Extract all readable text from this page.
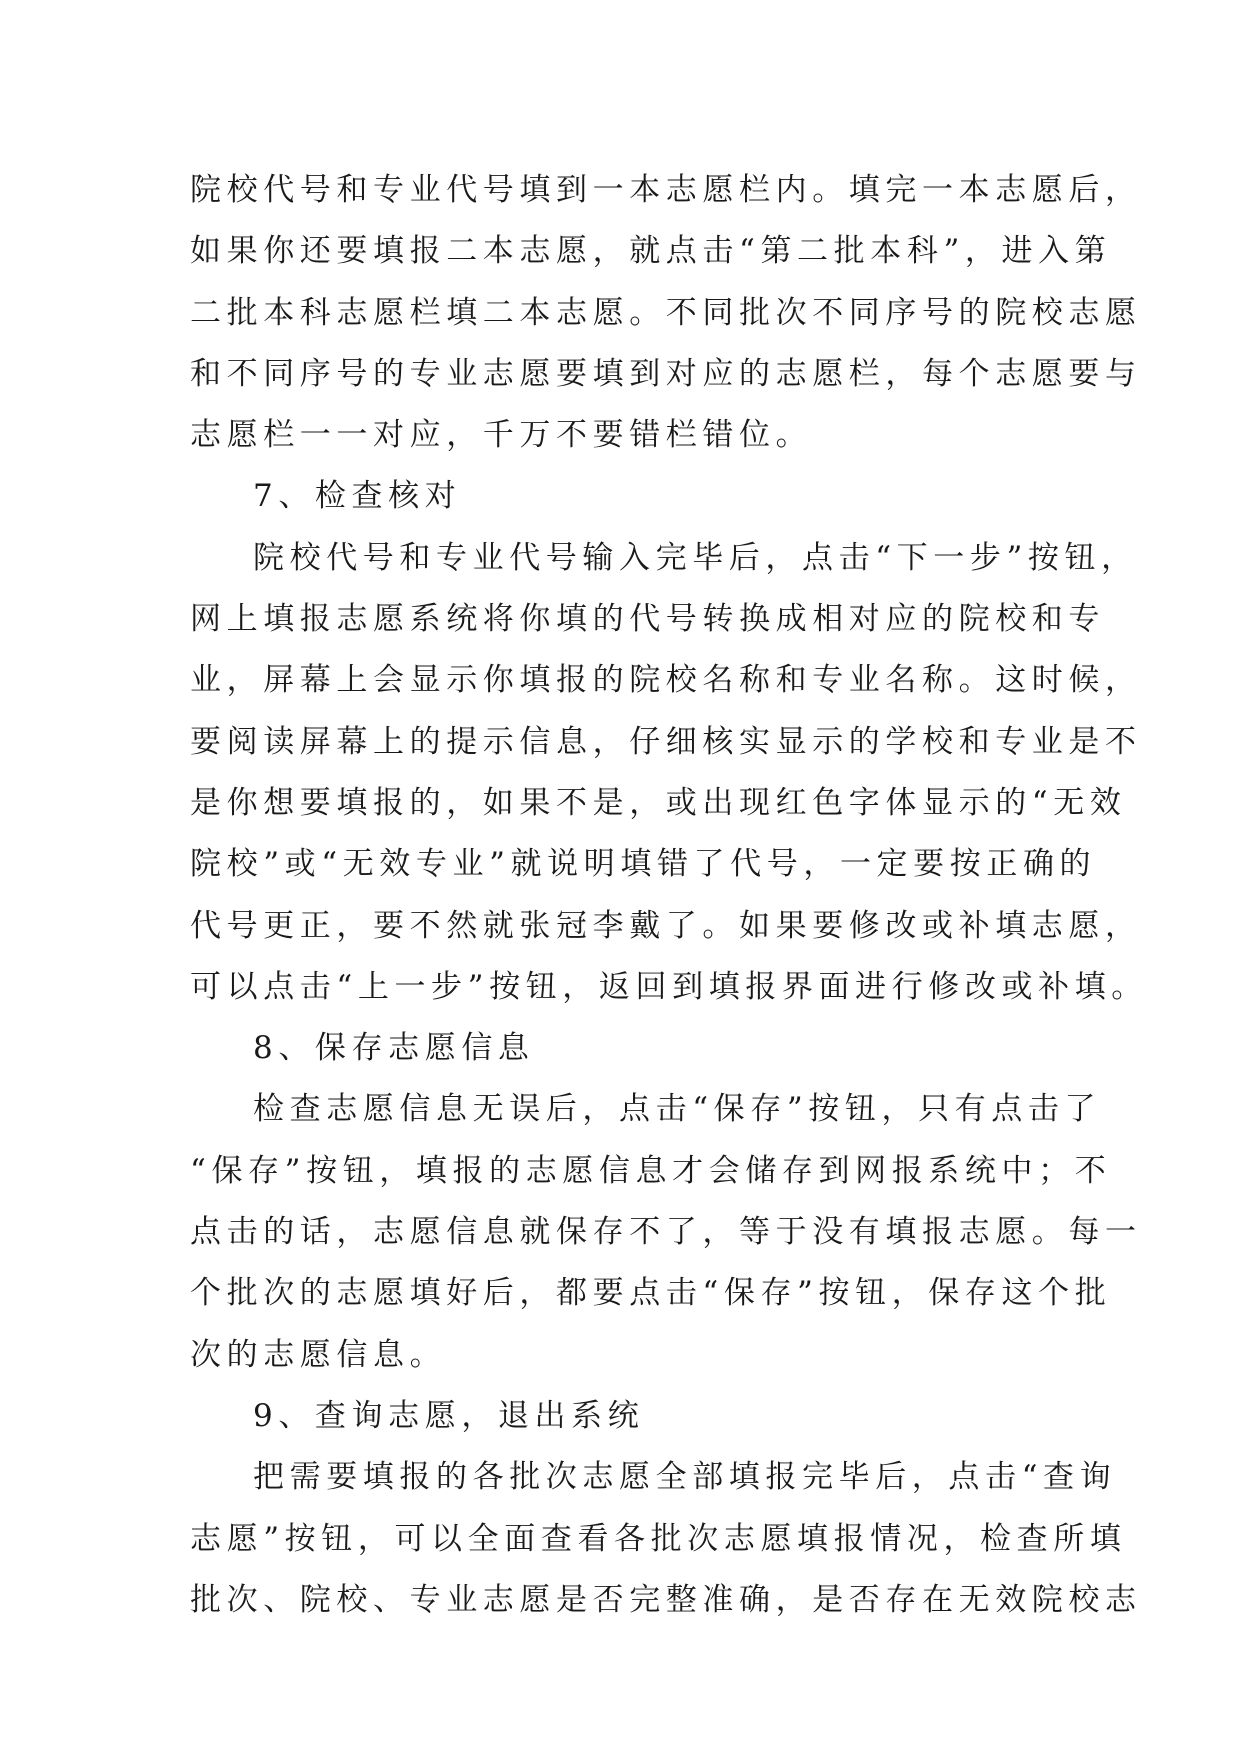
院校代号和专业代号填到一本志愿栏内。填完一本志愿后，
如果你还要填报二本志愿，就点击“第二批本科”，进入第
二批本科志愿栏填二本志愿。不同批次不同序号的院校志愿
和不同序号的专业志愿要填到对应的志愿栏，每个志愿要与
志愿栏一一对应，千万不要错栏错位。
7、检查核对
院校代号和专业代号输入完毕后，点击“下一步”按钮，
网上填报志愿系统将你填的代号转换成相对应的院校和专
业，屏幕上会显示你填报的院校名称和专业名称。这时候，
要阅读屏幕上的提示信息，仔细核实显示的学校和专业是不
是你想要填报的，如果不是，或出现红色字体显示的“无效
院校”或“无效专业”就说明填错了代号，一定要按正确的
代号更正，要不然就张冠李戴了。如果要修改或补填志愿，
可以点击“上一步”按钮，返回到填报界面进行修改或补填。
8、保存志愿信息
检查志愿信息无误后，点击“保存”按钮，只有点击了
“保存”按钮，填报的志愿信息才会储存到网报系统中；不
点击的话，志愿信息就保存不了，等于没有填报志愿。每一
个批次的志愿填好后，都要点击“保存”按钮，保存这个批
次的志愿信息。
9、查询志愿，退出系统
把需要填报的各批次志愿全部填报完毕后，点击“查询
志愿”按钮，可以全面查看各批次志愿填报情况，检查所填
批次、院校、专业志愿是否完整准确，是否存在无效院校志
